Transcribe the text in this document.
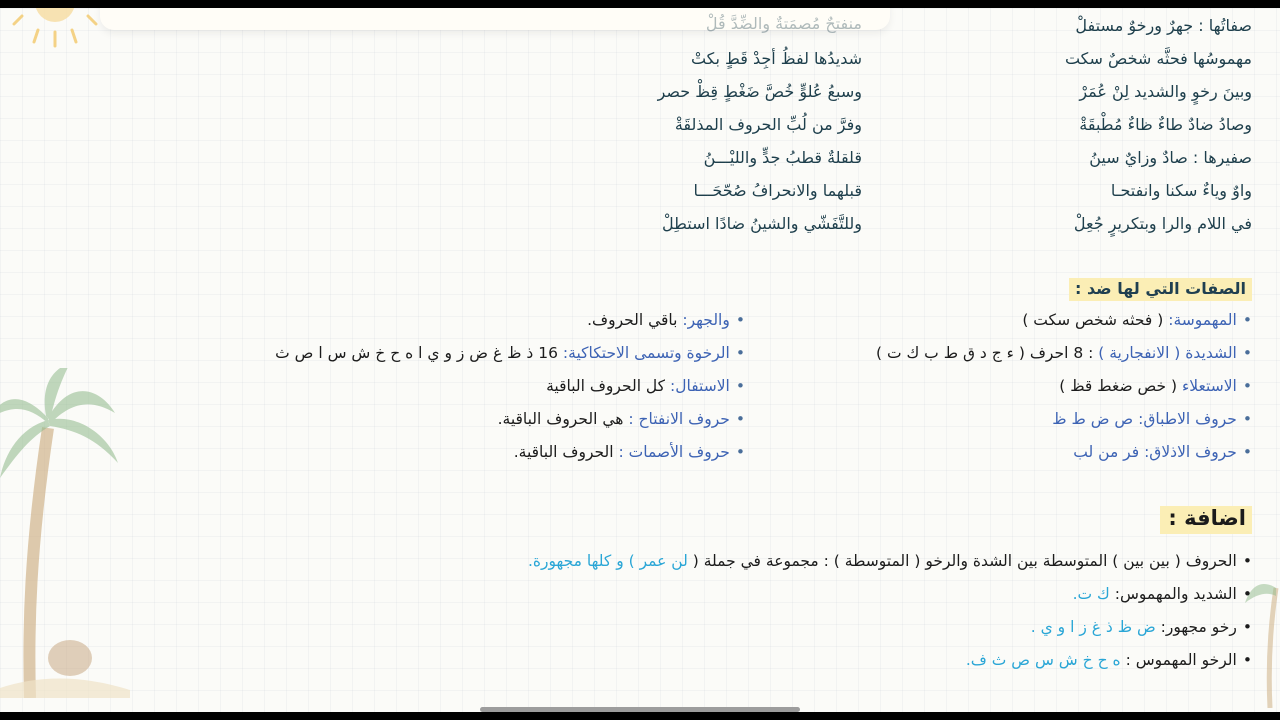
صفاتُها : جهرٌ ورخوٌ مستفلْ
مهموسُها فحثَّه شخصٌ سكت
وبينَ رخوٍ والشديد لِنْ عُمَرْ
وصادُ ضادٌ طاءٌ ظاءٌ مُطْبقَةْ
صفيرها : صادٌ وزايٌ سينُ
واوٌ وياءٌ سكنا وانفتحـا
في اللام والرا وبتكريرٍ جُعِلْ
منفتحٌ مُصمَتةٌ والضِّدَّ قُلْ
شديدُها لفظُ أجِدْ قَطٍ بكتْ
وسبعُ عُلوٍّ خُصَّ ضَغْطٍ قِظْ حصر
وفرَّ من لُبِّ الحروف المذلقَةْ
قلقلةٌ قطبُ جدٍّ والليْـــنُ
قبلهما والانحرافُ صُحّحَـــا
وللتَّفَشّي والشينُ ضادًا استطِلْ
الصفات التي لها ضد :
•المهموسة: ( فحثه شخص سكت )
•الشديدة ( الانفجارية ) : 8 احرف ( ء ج د ق ط ب ك ت )
•الاستعلاء ( خص ضغط قظ )
•حروف الاطباق: ص ض ط ظ
•حروف الاذلاق: فر من لب
•والجهر: باقي الحروف.
•الرخوة وتسمى الاحتكاكية: 16 ذ ظ غ ض ز و ي ا ه ح خ ش س ا ص ث
•الاستفال: كل الحروف الباقية
•حروف الانفتاح : هي الحروف الباقية.
•حروف الأصمات : الحروف الباقية.
اضافة :
•الحروف ( بين بين ) المتوسطة بين الشدة والرخو ( المتوسطة ) : مجموعة في جملة ( لن عمر ) و كلها مجهورة.
•الشديد والمهموس: ك ت.
•رخو مجهور: ض ظ ذ غ ز ا و ي .
•الرخو المهموس : ه ح خ ش س ص ث ف.
